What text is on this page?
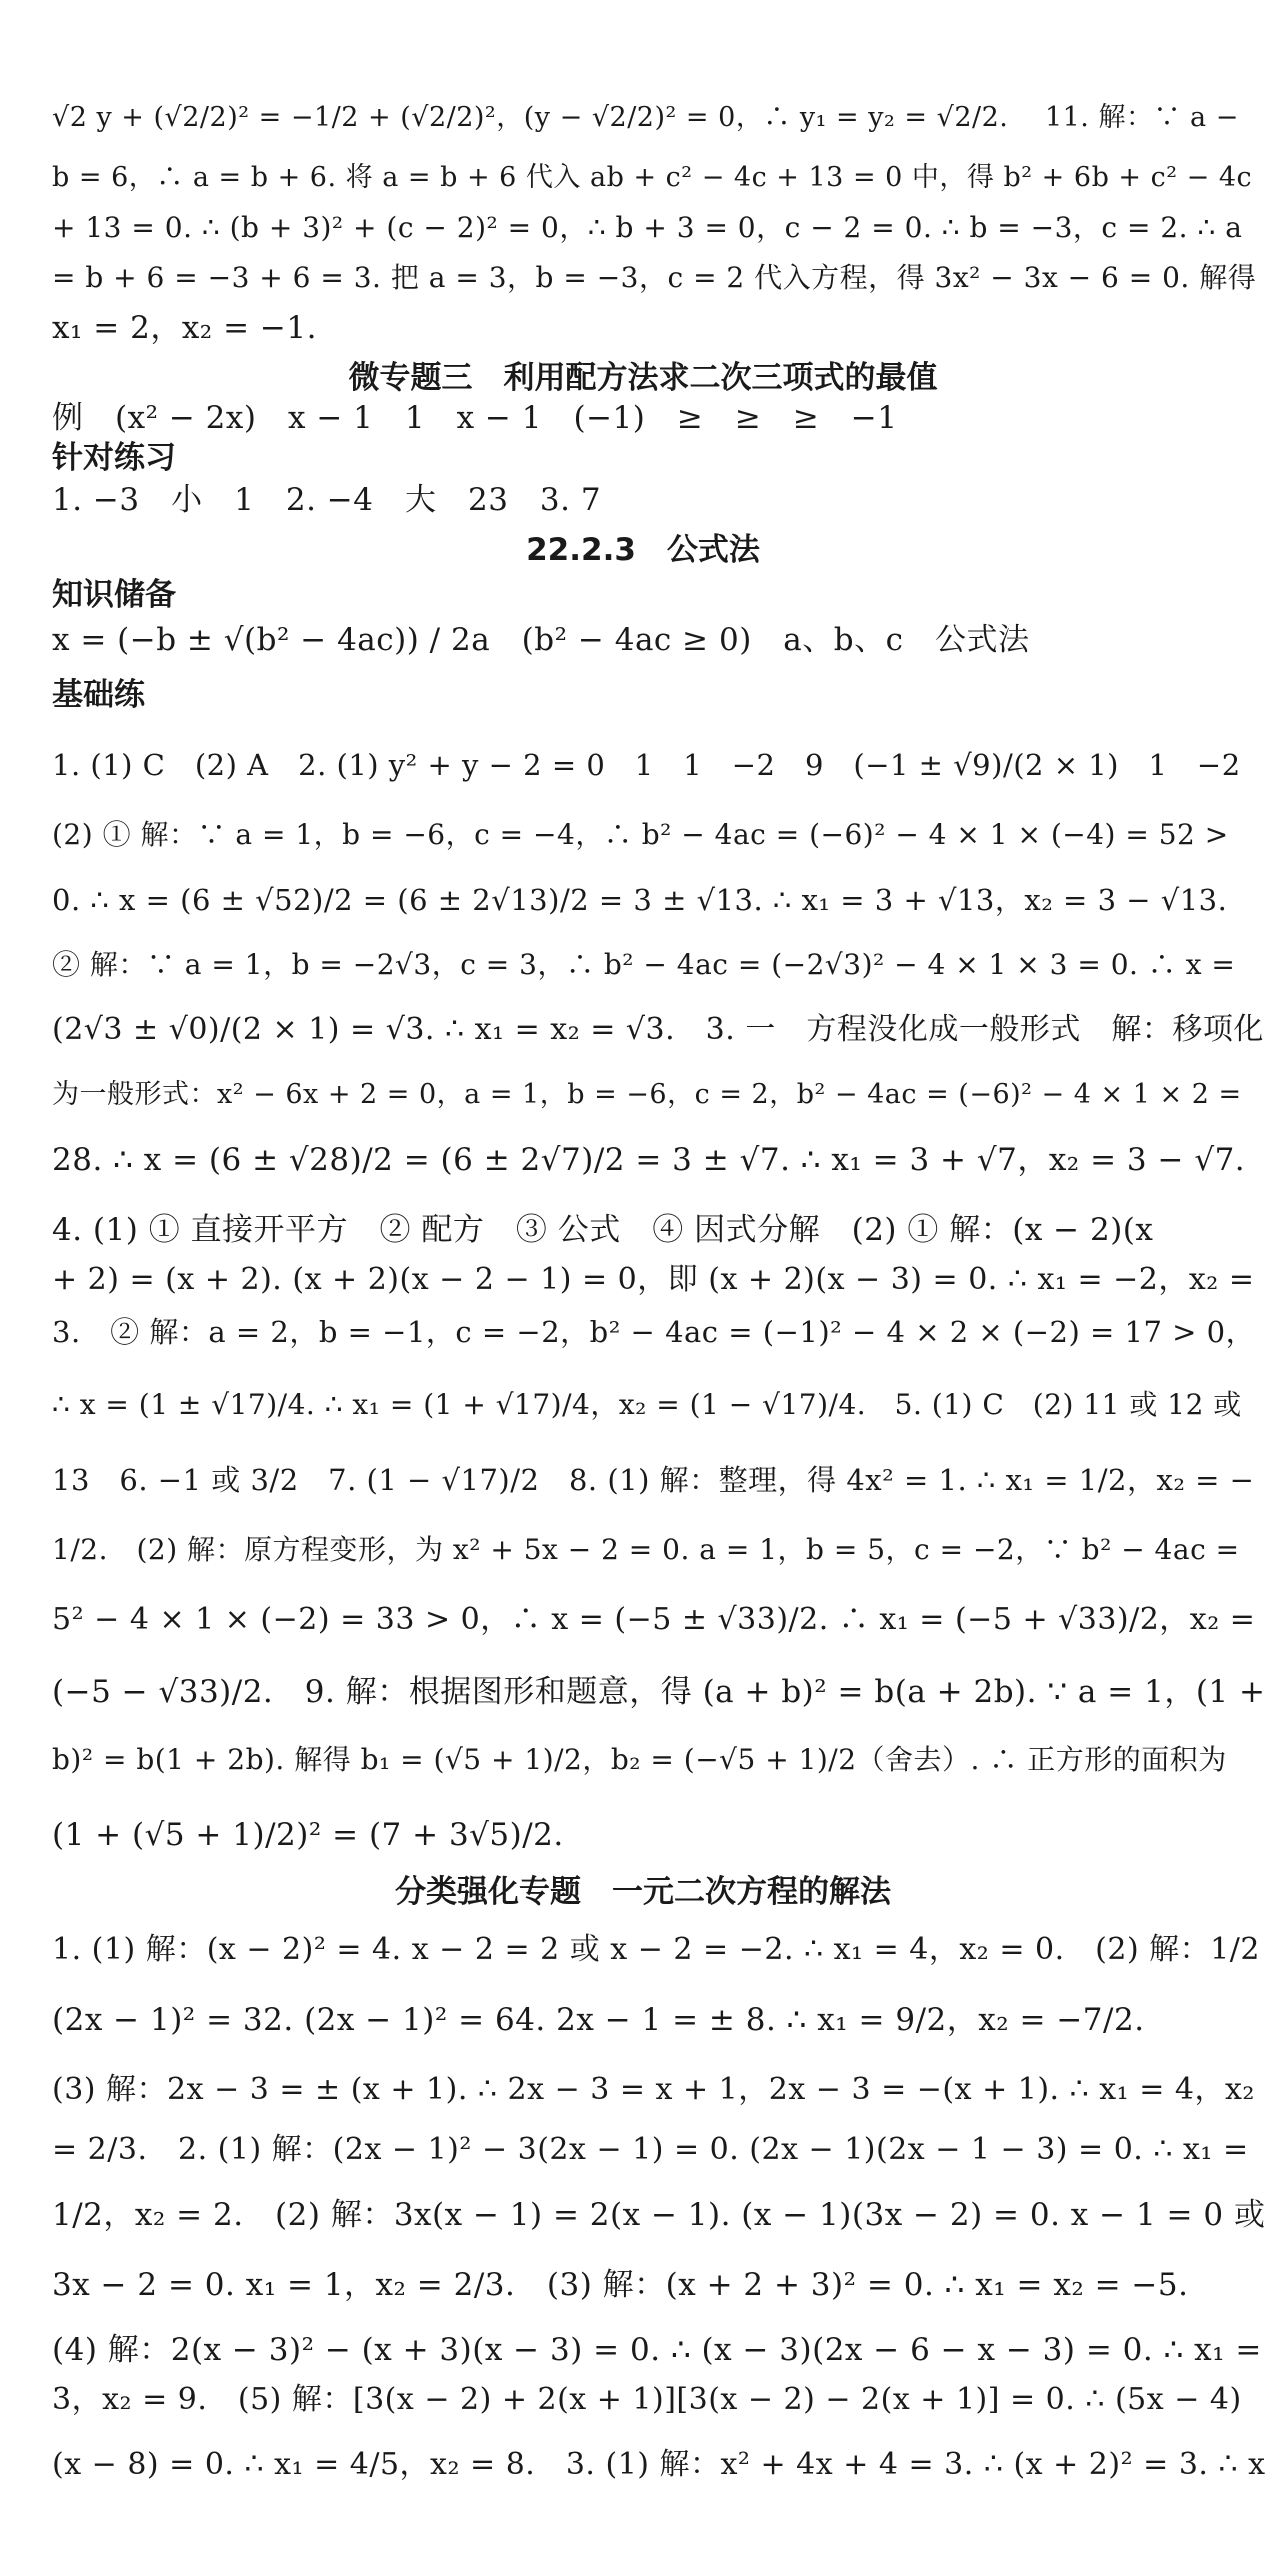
√2 y + (√2/2)² = −1/2 + (√2/2)²，(y − √2/2)² = 0，∴ y₁ = y₂ = √2/2.　 11. 解：∵ a −
b = 6，∴ a = b + 6. 将 a = b + 6 代入 ab + c² − 4c + 13 = 0 中，得 b² + 6b + c² − 4c
+ 13 = 0. ∴ (b + 3)² + (c − 2)² = 0，∴ b + 3 = 0，c − 2 = 0. ∴ b = −3，c = 2. ∴ a
= b + 6 = −3 + 6 = 3. 把 a = 3，b = −3，c = 2 代入方程，得 3x² − 3x − 6 = 0. 解得
x₁ = 2，x₂ = −1.
微专题三　利用配方法求二次三项式的最值
例　(x² − 2x)　x − 1　1　x − 1　(−1)　≥　≥　≥　−1
针对练习
1. −3　小　1　2. −4　大　23　3. 7
22.2.3　公式法
知识储备
x = (−b ± √(b² − 4ac)) / 2a　(b² − 4ac ≥ 0)　a、b、c　公式法
基础练
1. (1) C　(2) A　2. (1) y² + y − 2 = 0　1　1　−2　9　(−1 ± √9)/(2 × 1)　1　−2
(2) ① 解：∵ a = 1，b = −6，c = −4，∴ b² − 4ac = (−6)² − 4 × 1 × (−4) = 52 >
0. ∴ x = (6 ± √52)/2 = (6 ± 2√13)/2 = 3 ± √13. ∴ x₁ = 3 + √13，x₂ = 3 − √13.
② 解：∵ a = 1，b = −2√3，c = 3，∴ b² − 4ac = (−2√3)² − 4 × 1 × 3 = 0. ∴ x =
(2√3 ± √0)/(2 × 1) = √3. ∴ x₁ = x₂ = √3.　3. 一　方程没化成一般形式　解：移项化
为一般形式：x² − 6x + 2 = 0，a = 1，b = −6，c = 2，b² − 4ac = (−6)² − 4 × 1 × 2 =
28. ∴ x = (6 ± √28)/2 = (6 ± 2√7)/2 = 3 ± √7. ∴ x₁ = 3 + √7，x₂ = 3 − √7.
4. (1) ① 直接开平方　② 配方　③ 公式　④ 因式分解　(2) ① 解：(x − 2)(x
+ 2) = (x + 2). (x + 2)(x − 2 − 1) = 0，即 (x + 2)(x − 3) = 0. ∴ x₁ = −2，x₂ =
3.　② 解：a = 2，b = −1，c = −2，b² − 4ac = (−1)² − 4 × 2 × (−2) = 17 > 0，
∴ x = (1 ± √17)/4. ∴ x₁ = (1 + √17)/4，x₂ = (1 − √17)/4.　5. (1) C　(2) 11 或 12 或
13　6. −1 或 3/2　7. (1 − √17)/2　8. (1) 解：整理，得 4x² = 1. ∴ x₁ = 1/2，x₂ = −
1/2.　(2) 解：原方程变形，为 x² + 5x − 2 = 0. a = 1，b = 5，c = −2，∵ b² − 4ac =
5² − 4 × 1 × (−2) = 33 > 0，∴ x = (−5 ± √33)/2. ∴ x₁ = (−5 + √33)/2，x₂ =
(−5 − √33)/2.　9. 解：根据图形和题意，得 (a + b)² = b(a + 2b). ∵ a = 1，(1 +
b)² = b(1 + 2b). 解得 b₁ = (√5 + 1)/2，b₂ = (−√5 + 1)/2（舍去）. ∴ 正方形的面积为
(1 + (√5 + 1)/2)² = (7 + 3√5)/2.
分类强化专题　一元二次方程的解法
1. (1) 解：(x − 2)² = 4. x − 2 = 2 或 x − 2 = −2. ∴ x₁ = 4，x₂ = 0.　(2) 解：1/2
(2x − 1)² = 32. (2x − 1)² = 64. 2x − 1 = ± 8. ∴ x₁ = 9/2，x₂ = −7/2.
(3) 解：2x − 3 = ± (x + 1). ∴ 2x − 3 = x + 1，2x − 3 = −(x + 1). ∴ x₁ = 4，x₂
= 2/3.　2. (1) 解：(2x − 1)² − 3(2x − 1) = 0. (2x − 1)(2x − 1 − 3) = 0. ∴ x₁ =
1/2，x₂ = 2.　(2) 解：3x(x − 1) = 2(x − 1). (x − 1)(3x − 2) = 0. x − 1 = 0 或
3x − 2 = 0. x₁ = 1，x₂ = 2/3.　(3) 解：(x + 2 + 3)² = 0. ∴ x₁ = x₂ = −5.
(4) 解：2(x − 3)² − (x + 3)(x − 3) = 0. ∴ (x − 3)(2x − 6 − x − 3) = 0. ∴ x₁ =
3，x₂ = 9.　(5) 解：[3(x − 2) + 2(x + 1)][3(x − 2) − 2(x + 1)] = 0. ∴ (5x − 4)
(x − 8) = 0. ∴ x₁ = 4/5，x₂ = 8.　3. (1) 解：x² + 4x + 4 = 3. ∴ (x + 2)² = 3. ∴ x
